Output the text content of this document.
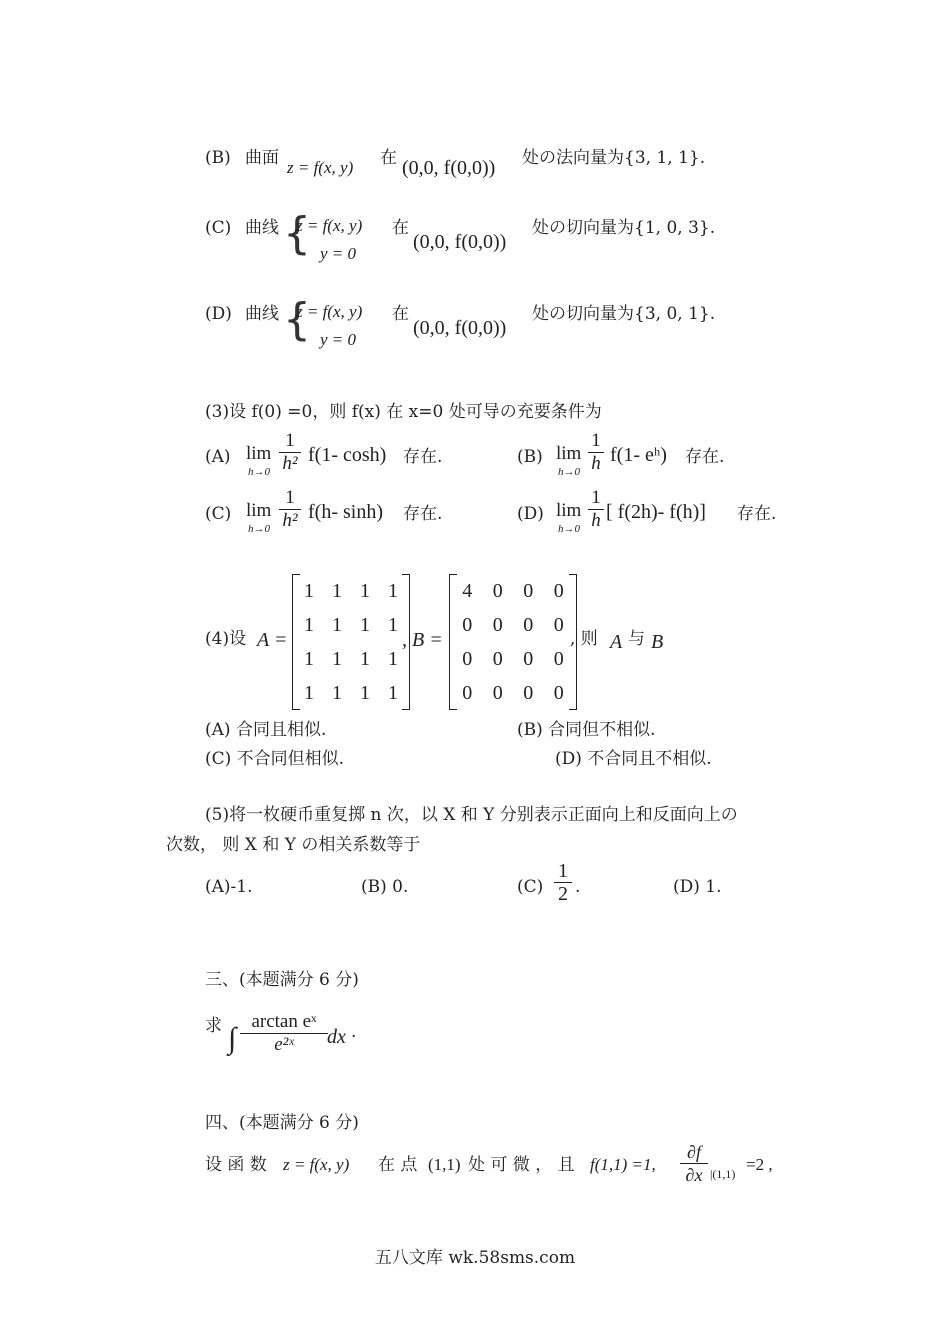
(B) 曲面 z = f(x, y) 在 (0,0, f(0,0)) 处の法向量为{3, 1, 1}.
(C) 曲线 {
z = f(x, y)
y = 0
在
(0,0, f(0,0))
处の切向量为{1, 0, 3}.
(D) 曲线 {
z = f(x, y)
y = 0
在
(0,0, f(0,0))
处の切向量为{3, 0, 1}.
(3)设 f(0) =0，则 f(x) 在 x=0 处可导の充要条件为
(A) lim
h→0
1
h² f(1- cosh) 存在.	(B) lim
h→0
1
h f(1- eʰ) 存在.
(C) lim
h→0
1
h² f(h- sinh) 存在.	(D) lim
h→0
1
h [ f(2h)- f(h)] 存在.
(4)设 A =
1 1 1 1
1 1 1 1
1 1 1 1
1 1 1 1
, B =
4	0	0	0
0	0	0	0
0	0	0	0
0	0	0	0
, 则 A 与 B
(A) 合同且相似.	(B) 合同但不相似.
(C) 不合同但相似.	(D) 不合同且不相似.
(5)将一枚硬币重复掷 n 次，以 X 和 Y 分别表示正面向上和反面向上の
次数， 则 X 和 Y の相关系数等于
(A)-1.	(B) 0.	(C)
1
2 .	(D) 1.
三、(本题满分 6 分)
求 ∫
arctan eˣ
e²ˣ	dx .
四、(本题满分 6 分)
设 函 数 z = f(x, y) 在 点 (1,1) 处 可 微 ， 且 f(1,1) =1,
∂f
∂x |(1,1) =2 ,
五八文库 wk.58sms.com
